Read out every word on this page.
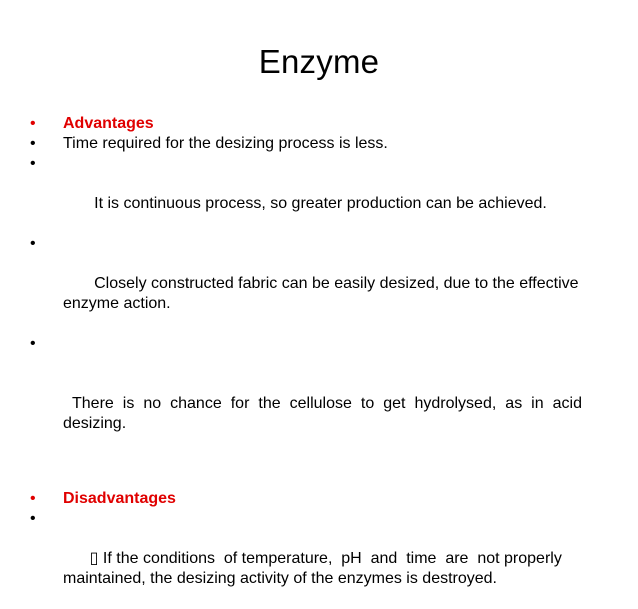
Enzyme
•	Advantages
•	Time required for the desizing process is less.

•

It is continuous process, so greater production can be achieved.

•

Closely constructed fabric can be easily desized, due to the effective enzyme action.

•

There is no chance for the cellulose to get hydrolysed, as in acid desizing.

•	Disadvantages

•

▯ If the conditions  of temperature,  pH  and  time  are  not properly maintained, the desizing activity of the enzymes is destroyed.
